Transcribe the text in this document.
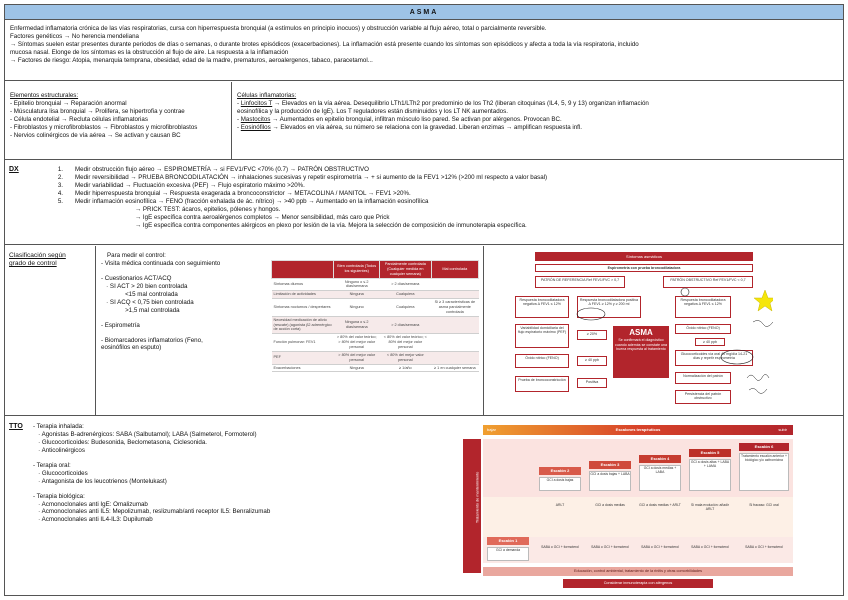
ASMA
Enfermedad inflamatoria crónica de las vías respiratorias, cursa con hiperrespuesta bronquial (a estímulos en principio inocuos) y obstrucción variable al flujo aéreo, total o parcialmente reversible.
Factores genéticos → No herencia mendeliana
→ Síntomas suelen estar presentes durante periodos de días o semanas, o durante brotes episódicos (exacerbaciones). La inflamación está presente cuando los síntomas son episódicos y afecta a toda la vía respiratoria, incluido
mucosa nasal. Elonge de los síntomas es la obstrucción al flujo de aire. La respuesta a la inflamación
→ Factores de riesgo: Atopia, menarquia temprana, obesidad, edad de la madre, prematuros, aeroalergenos, tabaco, paracetamol...
Elementos estructurales:
- Epitelio bronquial → Reparación anormal
- Músculatura lisa bronquial → Prolifera, se hipertrofia y contrae
- Célula endotelial → Recluta células inflamatorias
- Fibroblastos y microfibroblastos → Fibroblastos y microfibroblastos
- Nervios colinérgicos de vía aérea → Se activan y causan BC
Células inflamatorias:
- Linfocitos T → Elevados en la vía aérea. Desequilibrio LTh1/LTh2 por predominio de los Th2 (liberan citoquinas (IL4, 5, 9 y 13) organizan inflamación
eosinofílica y la producción de IgE). Los T reguladores están disminuidos y los LT NK aumentados.
- Mastocitos → Aumentados en epitelio bronquial, infiltran músculo liso pared. Se activan por alérgenos. Provocan BC.
- Eosinófilos → Elevados en vía aérea, su número se relaciona con la gravedad. Liberan enzimas → amplifican respuesta infl.
DX	1. Medir obstrucción flujo aéreo → ESPIROMETRÍA → si FEV1/FVC <70% (0.7) → PATRÓN OBSTRUCTIVO
2. Medir reversibilidad → PRUEBA BRONCODILATACIÓN → inhalaciones sucesivas y repetir espirometría → + si aumento de la FEV1 >12% (>200 ml respecto a valor basal)
3. Medir variabilidad → Fluctuación excesiva (PEF) → Flujo espiratorio máximo >20%.
4. Medir hiperrespuesta bronquial → Respuesta exagerada a broncoconstrictor → METACOLINA / MANITOL → FEV1 >20%.
5. Medir inflamación eosinofílica → FENO (fracción exhalada de ác. nítrico) → >40 ppb → Aumentado en la inflamación eosinofílica
→ PRICK TEST: ácaros, epitelios, pólenes y hongos.
→ IgE específica contra aeroalérgenos completos → Menor sensibilidad, más caro que Prick
→ IgE específica contra componentes alérgicos en plexo por lesión de la vía. Mejora la selección de composición de inmunoterapia específica.
Clasificación según
grado de control
Para medir el control:
- Visita médica continuada con seguimiento
- Cuestionarios ACT/ACQ
· SI ACT > 20 bien controlada
<15 mal controlada
· SI ACQ < 0,75 bien controlada
>1,5 mal controlada
- Espirometría
- Biomarcadores inflamatorios (Feno,
eosinófilos en esputo)
	Bien controlada (Todos los siguientes)	Parcialmente controlada (Cualquier medida en cualquier semana)	Mal controlada
Síntomas diurnos	Ninguno o ≤ 2 días/semana	> 2 días/semana	
Limitación de actividades	Ninguna	Cualquiera	
Síntomas nocturnos / despertares	Ninguno	Cualquiera	Si ≥ 3 características de asma parcialmente controlada
Necesidad medicación de alivio (rescate) (agonista β2 adrenérgico de acción corta)	Ninguna o ≤ 2 días/semana	> 2 días/semana	
Función pulmonar: FEV1	> 80% del valor teórico; > 80% del mejor valor personal	< 80% del valor teórico; < 80% del mejor valor personal	
PEF	> 80% del mejor valor personal	< 80% del mejor valor personal	
Exacerbaciones	Ninguna	≥ 1/año	≥ 1 en cualquier semana
Síntomas asmáticos
Espirometría con prueba broncodilatadora
PATRÓN DE REFERENCIA Ref FEV1/FVC > 0,7	PATRÓN OBSTRUCTIVO Ref FEV1/FVC < 0,7
Respuesta broncodilatadora negativa Δ FEV1 ≤ 12%
Variabilidad domiciliaria del flujo espiratorio máximo (PEF)
Óxido nítrico (FENO)
Prueba de broncoconstricción
Respuesta broncodilatadora positiva Δ FEV1 ≥ 12% y ≥ 200 ml
≥ 20%
≥ 40 ppb
Positiva
ASMA
Se confirmará el diagnóstico cuando además se constate una buena respuesta al tratamiento
Respuesta broncodilatadora negativa Δ FEV1 ≤ 12%
Óxido nítrico (FENO)
≥ 40 ppb
Glucocorticoides vía oral 40 mg/día 14-21 días y repetir espirometría
Normalización del patrón
Persistencia del patrón obstructivo
TTO - Terapia inhalada:
· Agonistas B-adrenérgicos: SABA (Salbutamol); LABA (Salmeterol, Formoterol)
· Glucocorticoides: Budesonida, Beclometasona, Ciclesonida.
· Anticolinérgicos
- Terapia oral:
· Glucocorticoides
· Antagonista de los leucotrienos (Montelukast)
- Terapia biológica:
· Acmonoclonales anti IgE: Omalizumab
· Acmonoclonales anti IL5: Mepolizumab, reslizumab/anti receptor IL5: Benralizumab
· Acmonoclonales anti IL4-IL3: Dupilumab
bajar	Escalones terapéuticos	subir
Tratamiento de mantenimiento
Escalón 1
Escalón 2
Escalón 3
Escalón 4
Escalón 5
Escalón 6
GCI a dosis bajas
GCI a dosis bajas + LABA
GCI a dosis medias + LABA
GCI a dosis altas + LABA + LAMA
Tratamiento escalón anterior + biológico y/o azitromicina
GCI a demanda
ARLT	GCI a dosis medias	GCI a dosis medias + ARLT	Si mala evolución: añadir ARLT
Si fracaso: GCI oral
SABA o GCI + formoterol	SABA o GCI + formoterol	SABA o GCI + formoterol	SABA o GCI + formoterol	SABA o GCI + formoterol
Educación, control ambiental, tratamiento de la rinitis y otras comorbilidades
Considerar inmunoterapia con alérgenos
